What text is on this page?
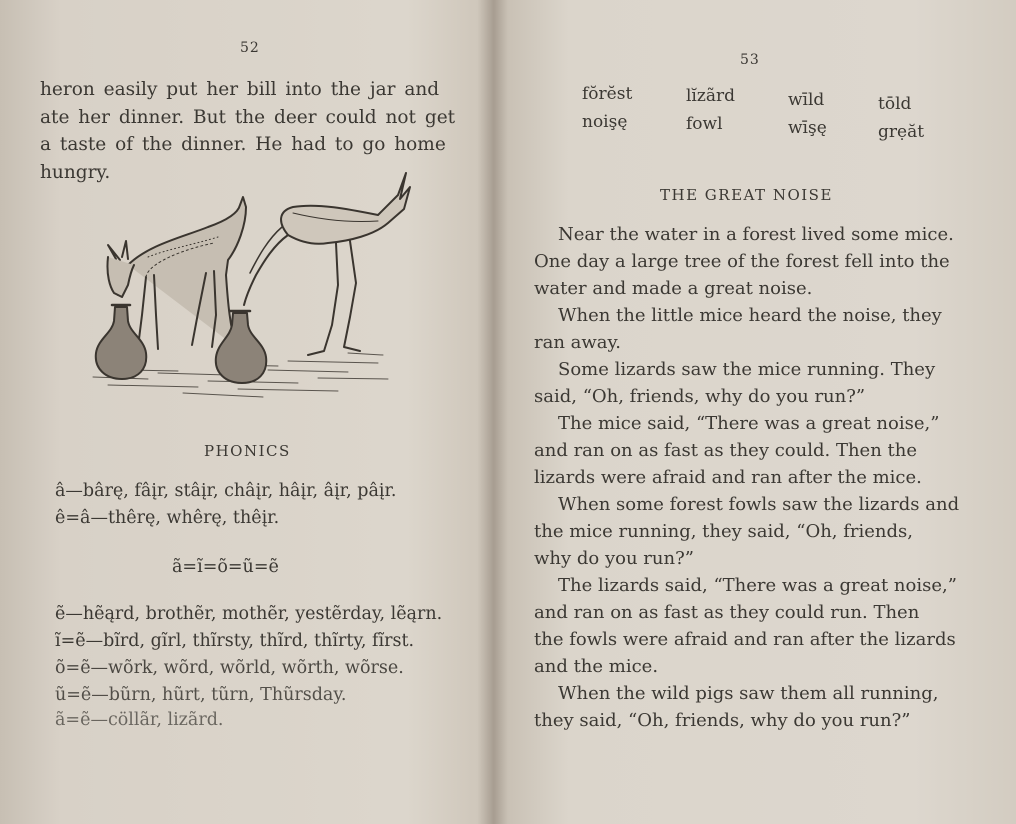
52
heron easily put her bill into the jar and
ate her dinner. But the deer could not get
a taste of the dinner. He had to go home
hungry.
PHONICS
â—bârę, fâįr, stâįr, châįr, hâįr, âįr, pâįr.
ê=â—thêrę, whêrę, thêįr.
ã=ĩ=õ=ũ=ẽ
ẽ—hẽąrd, brothẽr, mothẽr, yestẽrday, lẽąrn.
ĩ=ẽ—bĩrd, gĩrl, thĩrsty, thĩrd, thĩrty, fĩrst.
õ=ẽ—wõrk, wõrd, wõrld, wõrth, wõrse.
ũ=ẽ—bũrn, hũrt, tũrn, Thũrsday.
ã=ẽ—cöllãr, lizãrd.
53
fŏrĕst	lĭzãrd	wīld	tōld
noişę	fowl	wīşę	grẹăt
THE GREAT NOISE
Near the water in a forest lived some mice.
One day a large tree of the forest fell into the
water and made a great noise.
When the little mice heard the noise, they
ran away.
Some lizards saw the mice running. They
said, “Oh, friends, why do you run?”
The mice said, “There was a great noise,”
and ran on as fast as they could. Then the
lizards were afraid and ran after the mice.
When some forest fowls saw the lizards and
the mice running, they said, “Oh, friends,
why do you run?”
The lizards said, “There was a great noise,”
and ran on as fast as they could run. Then
the fowls were afraid and ran after the lizards
and the mice.
When the wild pigs saw them all running,
they said, “Oh, friends, why do you run?”
